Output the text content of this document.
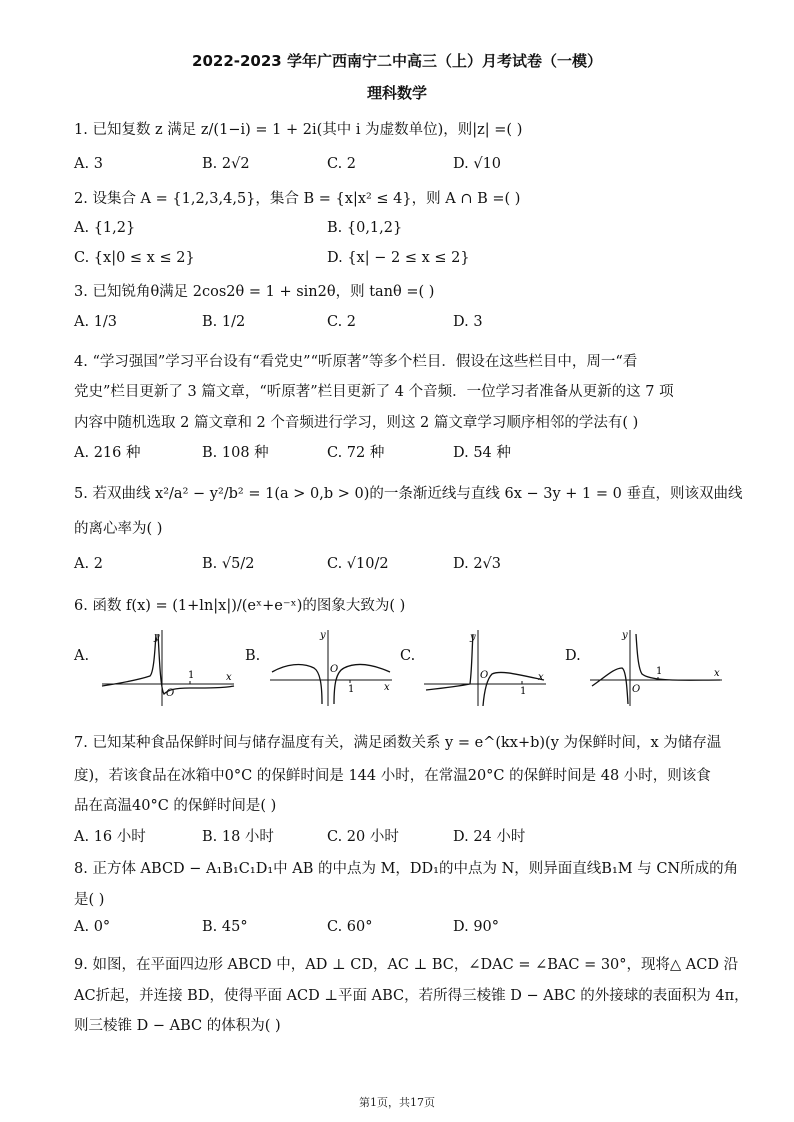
2022-2023 学年广西南宁二中高三（上）月考试卷（一模）
理科数学
1. 已知复数 z 满足 z/(1−i) = 1 + 2i(其中 i 为虚数单位)，则|z| =( )
A. 3	B. 2√2	C. 2	D. √10
2. 设集合 A = {1,2,3,4,5}，集合 B = {x|x² ≤ 4}，则 A ∩ B =( )
A. {1,2}	B. {0,1,2}
C. {x|0 ≤ x ≤ 2}	D. {x| − 2 ≤ x ≤ 2}
3. 已知锐角θ满足 2cos2θ = 1 + sin2θ，则 tanθ =( )
A. 1/3	B. 1/2	C. 2	D. 3
4. “学习强国”学习平台设有“看党史”“听原著”等多个栏目．假设在这些栏目中，周一“看
党史”栏目更新了 3 篇文章，“听原著”栏目更新了 4 个音频．一位学习者准备从更新的这 7 项
内容中随机选取 2 篇文章和 2 个音频进行学习，则这 2 篇文章学习顺序相邻的学法有( )
A. 216 种	B. 108 种	C. 72 种	D. 54 种
5. 若双曲线 x²/a² − y²/b² = 1(a > 0,b > 0)的一条渐近线与直线 6x − 3y + 1 = 0 垂直，则该双曲线
的离心率为( )
A. 2	B. √5/2	C. √10/2	D. 2√3
6. 函数 f(x) = (1+ln|x|)/(eˣ+e⁻ˣ)的图象大致为( )
A.
y
x
O
1
B.
y
x
O
1
C.
y
x
O
1
D.
y
x
O
1
7. 已知某种食品保鲜时间与储存温度有关，满足函数关系 y = e^(kx+b)(y 为保鲜时间，x 为储存温
度)，若该食品在冰箱中0°C 的保鲜时间是 144 小时，在常温20°C 的保鲜时间是 48 小时，则该食
品在高温40°C 的保鲜时间是( )
A. 16 小时	B. 18 小时	C. 20 小时	D. 24 小时
8. 正方体 ABCD − A₁B₁C₁D₁中 AB 的中点为 M，DD₁的中点为 N，则异面直线B₁M 与 CN所成的角
是( )
A. 0°	B. 45°	C. 60°	D. 90°
9. 如图，在平面四边形 ABCD 中，AD ⊥ CD，AC ⊥ BC，∠DAC = ∠BAC = 30°，现将△ ACD 沿
AC折起，并连接 BD，使得平面 ACD ⊥平面 ABC，若所得三棱锥 D − ABC 的外接球的表面积为 4π，
则三棱锥 D − ABC 的体积为( )
第1页，共17页
